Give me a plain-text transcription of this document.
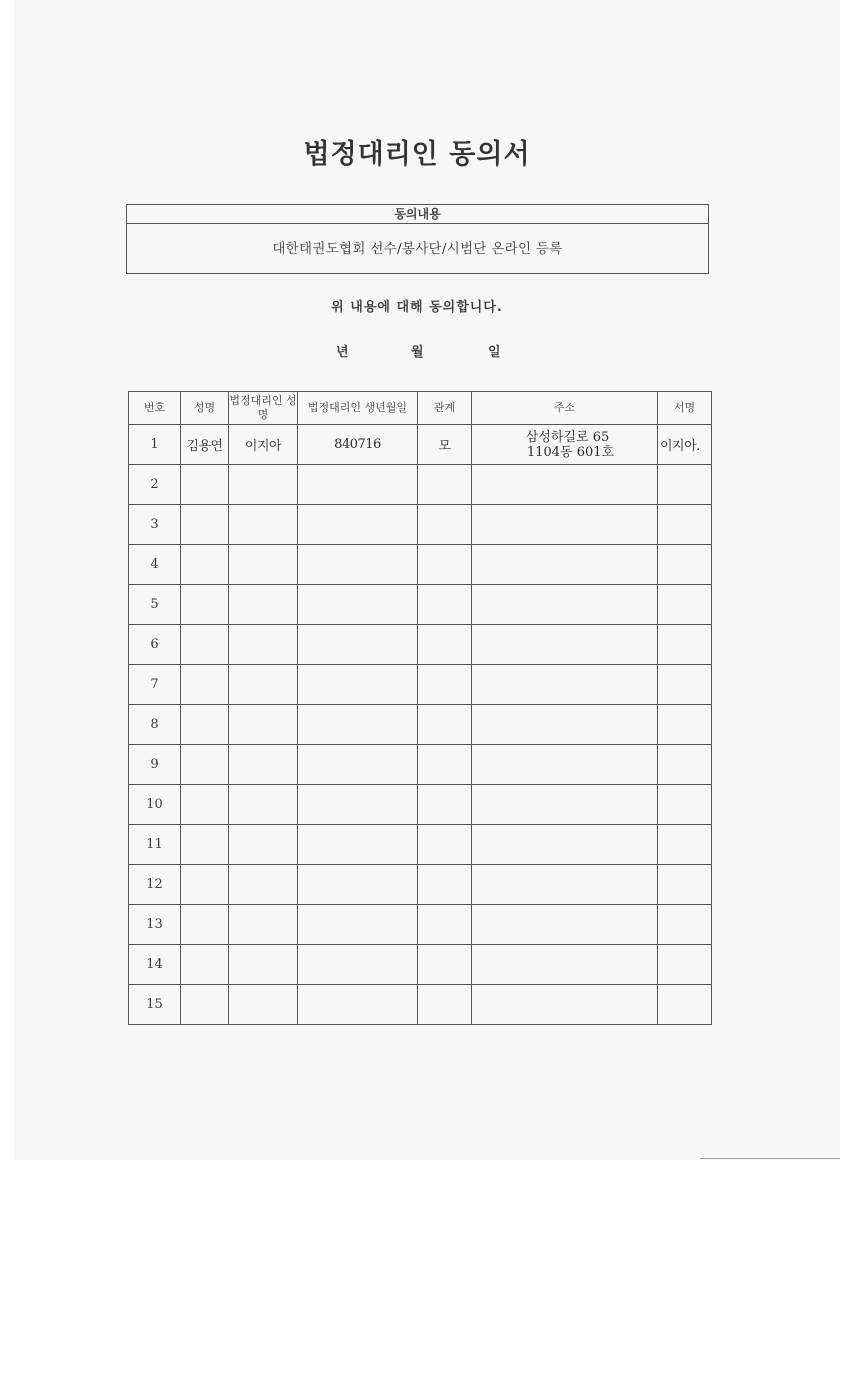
법정대리인 동의서
동의내용
대한태권도협회 선수/봉사단/시범단 온라인 등록
위 내용에 대해 동의합니다.
년	월	일
번호	성명	법정대리인 성명	법정대리인 생년월일	관계	주소	서명
1	김용연	이지아	840716	모	삼성하길로 65
1104동 601호	이지아.
2					

3					

4					

5					

6					

7					

8					

9					

10					

11					

12					

13					

14					

15					
